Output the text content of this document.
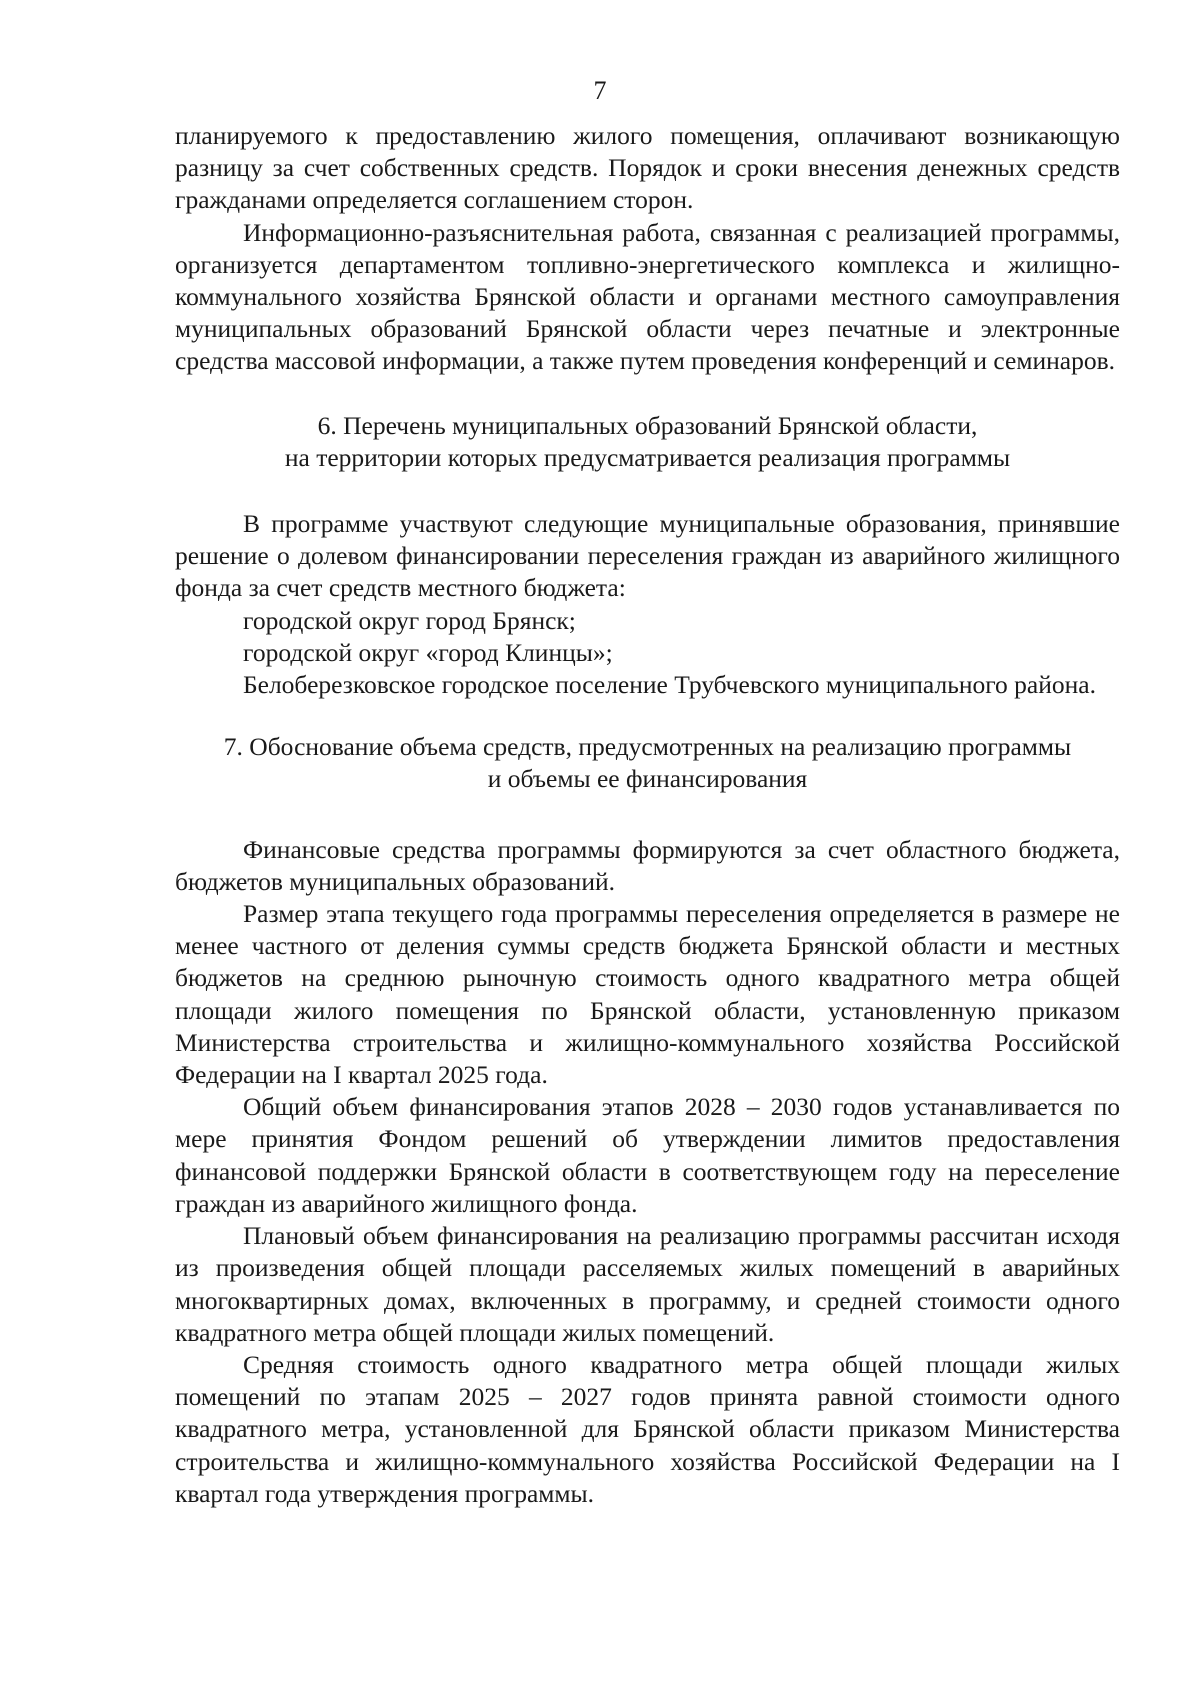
7

планируемого к предоставлению жилого помещения, оплачивают возникающую разницу за счет собственных средств. Порядок и сроки внесения денежных средств гражданами определяется соглашением сторон.

Информационно-разъяснительная работа, связанная с реализацией программы, организуется департаментом топливно-энергетического комплекса и жилищно-коммунального хозяйства Брянской области и органами местного самоуправления муниципальных образований Брянской области через печатные и электронные средства массовой информации, а также путем проведения конференций и семинаров.

6. Перечень муниципальных образований Брянской области,

на территории которых предусматривается реализация программы

В программе участвуют следующие муниципальные образования, принявшие решение о долевом финансировании переселения граждан из аварийного жилищного фонда за счет средств местного бюджета:

городской округ город Брянск;

городской округ «город Клинцы»;

Белоберезковское городское поселение Трубчевского муниципального района.

7. Обоснование объема средств, предусмотренных на реализацию программы

и объемы ее финансирования

Финансовые средства программы формируются за счет областного бюджета, бюджетов муниципальных образований.

Размер этапа текущего года программы переселения определяется в размере не менее частного от деления суммы средств бюджета Брянской области и местных бюджетов на среднюю рыночную стоимость одного квадратного метра общей площади жилого помещения по Брянской области, установленную приказом Министерства строительства и жилищно-коммунального хозяйства Российской Федерации на I квартал 2025 года.

Общий объем финансирования этапов 2028 – 2030 годов устанавливается по мере принятия Фондом решений об утверждении лимитов предоставления финансовой поддержки Брянской области в соответствующем году на переселение граждан из аварийного жилищного фонда.

Плановый объем финансирования на реализацию программы рассчитан исходя из произведения общей площади расселяемых жилых помещений в аварийных многоквартирных домах, включенных в программу, и средней стоимости одного квадратного метра общей площади жилых помещений.

Средняя стоимость одного квадратного метра общей площади жилых помещений по этапам 2025 – 2027 годов принята равной стоимости одного квадратного метра, установленной для Брянской области приказом Министерства строительства и жилищно-коммунального хозяйства Российской Федерации на I квартал года утверждения программы.
